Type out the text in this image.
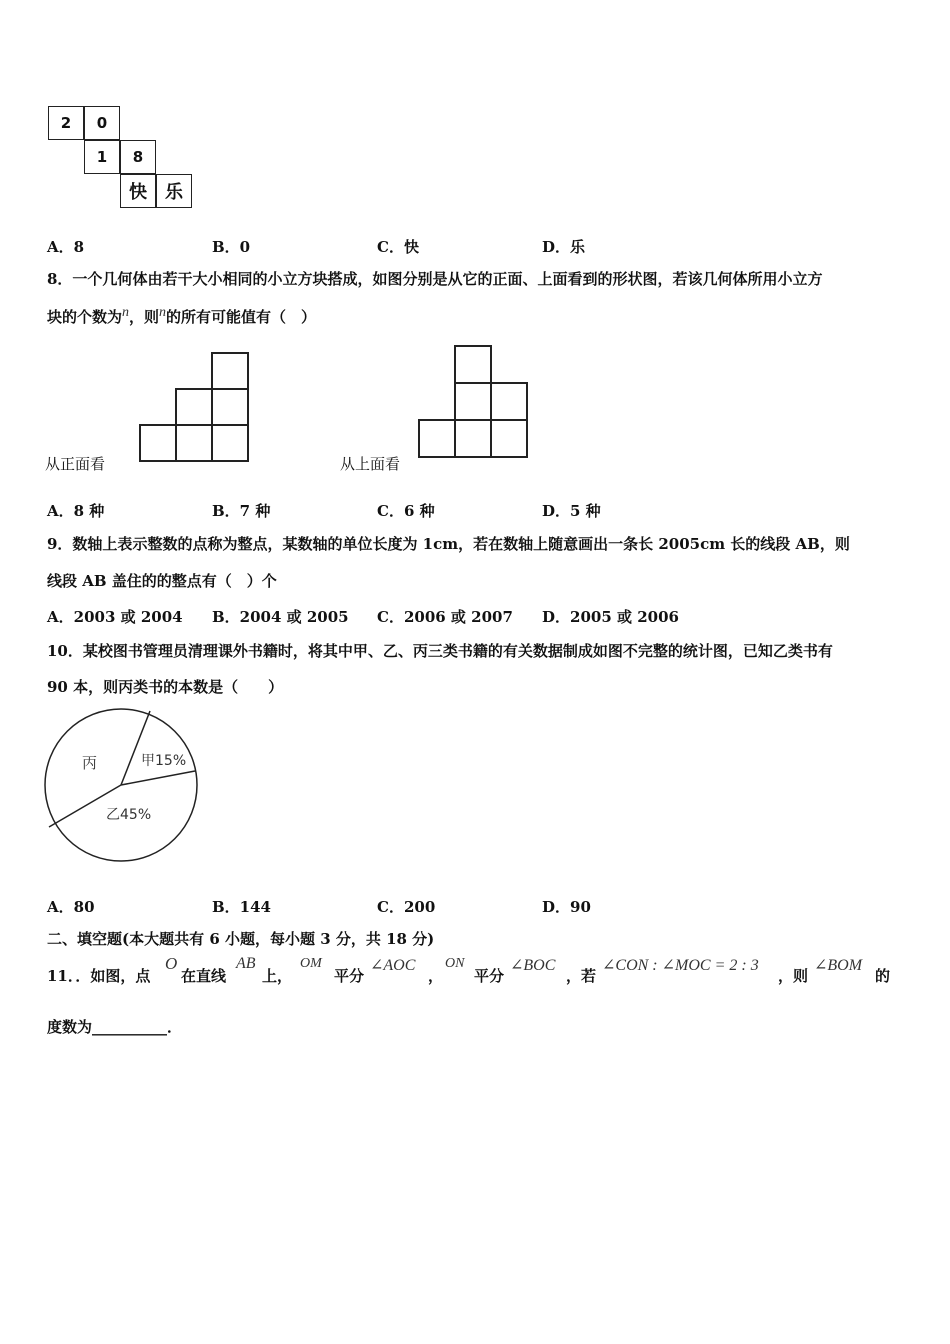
2	0
1	8
快	乐
A．8	B．0	C．快	D．乐
8．一个几何体由若干大小相同的小立方块搭成，如图分别是从它的正面、上面看到的形状图，若该几何体所用小立方
块的个数为n，则n的所有可能值有（　）
从正面看	从上面看
A．8 种	B．7 种	C．6 种	D．5 种
9．数轴上表示整数的点称为整点，某数轴的单位长度为 1cm，若在数轴上随意画出一条长 2005cm 长的线段 AB，则
线段 AB 盖住的的整点有（　）个
A．2003 或 2004 B．2004 或 2005 C．2006 或 2007 D．2005 或 2006
10．某校图书管理员清理课外书籍时，将其中甲、乙、丙三类书籍的有关数据制成如图不完整的统计图，已知乙类书有
90 本，则丙类书的本数是（　　）
丙	甲15%
乙45%
A．80	B．144	C．200	D．90
二、填空题(本大题共有 6 小题，每小题 3 分，共 18 分)
11．．如图，点
O
在直线
AB
上，
OM
平分
∠AOC
，
ON
平分
∠BOC
，若
∠CON : ∠MOC = 2 : 3
，则
∠BOM
的
度数为__________．
